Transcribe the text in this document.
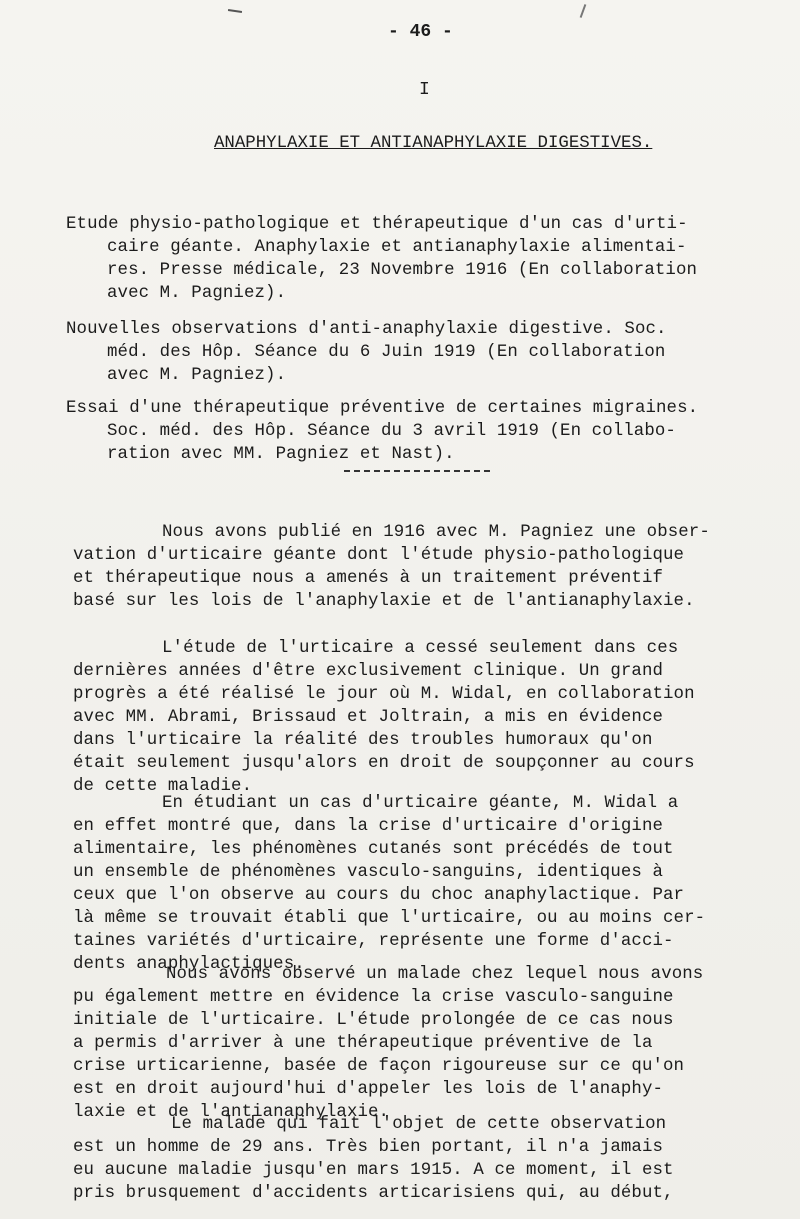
- 46 -
I
ANAPHYLAXIE ET ANTIANAPHYLAXIE DIGESTIVES.
Etude physio-pathologique et thérapeutique d'un cas d'urti-
caire géante. Anaphylaxie et antianaphylaxie alimentai-
res. Presse médicale, 23 Novembre 1916 (En collaboration
avec M. Pagniez).
Nouvelles observations d'anti-anaphylaxie digestive. Soc.
méd. des Hôp. Séance du 6 Juin 1919 (En collaboration
avec M. Pagniez).
Essai d'une thérapeutique préventive de certaines migraines.
Soc. méd. des Hôp. Séance du 3 avril 1919 (En collabo-
ration avec MM. Pagniez et Nast).
Nous avons publié en 1916 avec M. Pagniez une obser-
vation d'urticaire géante dont l'étude physio-pathologique
et thérapeutique nous a amenés à un traitement préventif
basé sur les lois de l'anaphylaxie et de l'antianaphylaxie.
L'étude de l'urticaire a cessé seulement dans ces
dernières années d'être exclusivement clinique. Un grand
progrès a été réalisé le jour où M. Widal, en collaboration
avec MM. Abrami, Brissaud et Joltrain, a mis en évidence
dans l'urticaire la réalité des troubles humoraux qu'on
était seulement jusqu'alors en droit de soupçonner au cours
de cette maladie.
En étudiant un cas d'urticaire géante, M. Widal a
en effet montré que, dans la crise d'urticaire d'origine
alimentaire, les phénomènes cutanés sont précédés de tout
un ensemble de phénomènes vasculo-sanguins, identiques à
ceux que l'on observe au cours du choc anaphylactique. Par
là même se trouvait établi que l'urticaire, ou au moins cer-
taines variétés d'urticaire, représente une forme d'acci-
dents anaphylactiques.
Nous avons observé un malade chez lequel nous avons
pu également mettre en évidence la crise vasculo-sanguine
initiale de l'urticaire. L'étude prolongée de ce cas nous
a permis d'arriver à une thérapeutique préventive de la
crise urticarienne, basée de façon rigoureuse sur ce qu'on
est en droit aujourd'hui d'appeler les lois de l'anaphy-
laxie et de l'antianaphylaxie.
Le malade qui fait l'objet de cette observation
est un homme de 29 ans. Très bien portant, il n'a jamais
eu aucune maladie jusqu'en mars 1915. A ce moment, il est
pris brusquement d'accidents articarisiens qui, au début,
